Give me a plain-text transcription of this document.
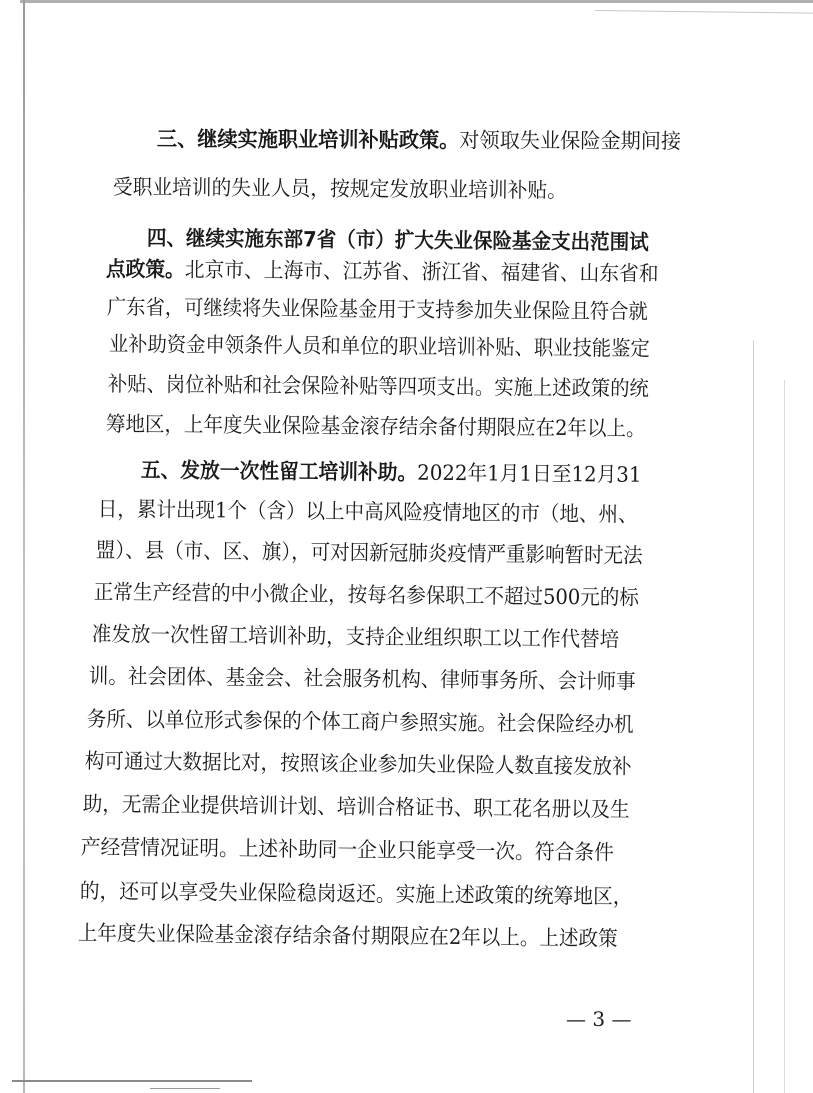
三、继续实施职业培训补贴政策。对领取失业保险金期间接
受职业培训的失业人员，按规定发放职业培训补贴。
四、继续实施东部7省（市）扩大失业保险基金支出范围试
点政策。北京市、上海市、江苏省、浙江省、福建省、山东省和
广东省，可继续将失业保险基金用于支持参加失业保险且符合就
业补助资金申领条件人员和单位的职业培训补贴、职业技能鉴定
补贴、岗位补贴和社会保险补贴等四项支出。实施上述政策的统
筹地区，上年度失业保险基金滚存结余备付期限应在2年以上。
五、发放一次性留工培训补助。2022年1月1日至12月31
日，累计出现1个（含）以上中高风险疫情地区的市（地、州、
盟）、县（市、区、旗），可对因新冠肺炎疫情严重影响暂时无法
正常生产经营的中小微企业，按每名参保职工不超过500元的标
准发放一次性留工培训补助，支持企业组织职工以工作代替培
训。社会团体、基金会、社会服务机构、律师事务所、会计师事
务所、以单位形式参保的个体工商户参照实施。社会保险经办机
构可通过大数据比对，按照该企业参加失业保险人数直接发放补
助，无需企业提供培训计划、培训合格证书、职工花名册以及生
产经营情况证明。上述补助同一企业只能享受一次。符合条件
的，还可以享受失业保险稳岗返还。实施上述政策的统筹地区，
上年度失业保险基金滚存结余备付期限应在2年以上。上述政策
— 3 —
